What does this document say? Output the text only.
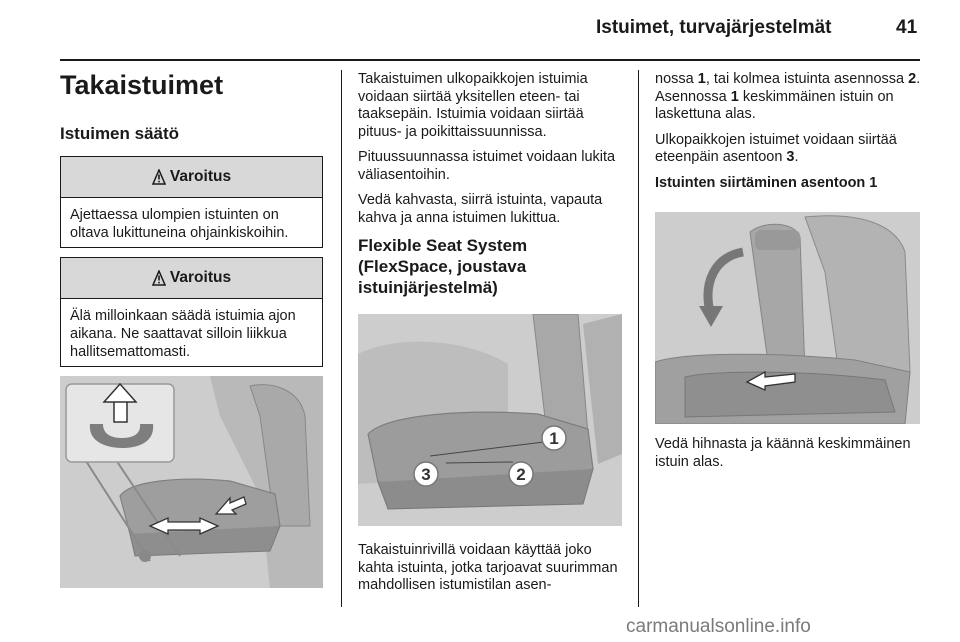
Istuimet, turvajärjestelmät	41
Takaistuimet
Istuimen säätö
Varoitus
Ajettaessa ulompien istuinten on oltava lukittuneina ohjainkiskoihin.
Varoitus
Älä milloinkaan säädä istuimia ajon aikana. Ne saattavat silloin liikkua hallitsemattomasti.

Takaistuimen ulkopaikkojen istuimia voidaan siirtää yksitellen eteen- tai taaksepäin. Istuimia voidaan siirtää pituus- ja poikittaissuunnissa.

Pituussuunnassa istuimet voidaan lukita väliasentoihin.

Vedä kahvasta, siirrä istuinta, vapauta kahva ja anna istuimen lukittua.

Flexible Seat System (FlexSpace, joustava istuinjärjestelmä)
1
2
3

Takaistuinrivillä voidaan käyttää joko kahta istuinta, jotka tarjoavat suurimman mahdollisen istumistilan asen-

nossa 1, tai kolmea istuinta asennossa 2. Asennossa 1 keskimmäinen istuin on laskettuna alas.

Ulkopaikkojen istuimet voidaan siirtää eteenpäin asentoon 3.

Istuinten siirtäminen asentoon 1

Vedä hihnasta ja käännä keskimmäinen istuin alas.

carmanualsonline.info
